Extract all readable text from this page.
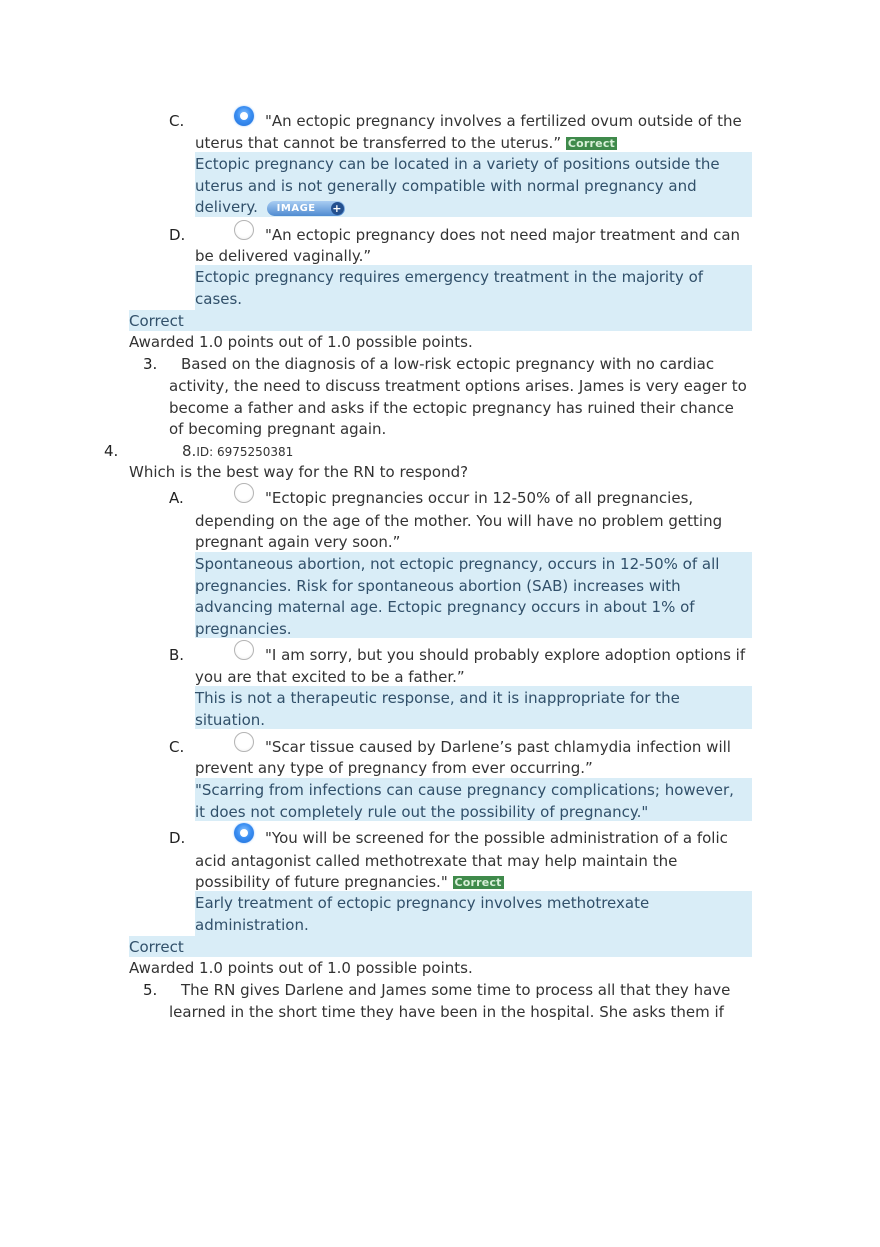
C.	"An ectopic pregnancy involves a fertilized ovum outside of the
uterus that cannot be transferred to the uterus.” Correct
Ectopic pregnancy can be located in a variety of positions outside the
uterus and is not generally compatible with normal pregnancy and
delivery. IMAGE +
D.	"An ectopic pregnancy does not need major treatment and can
be delivered vaginally.”
Ectopic pregnancy requires emergency treatment in the majority of
cases.
Correct
Awarded 1.0 points out of 1.0 possible points.
3. Based on the diagnosis of a low-risk ectopic pregnancy with no cardiac
activity, the need to discuss treatment options arises. James is very eager to
become a father and asks if the ectopic pregnancy has ruined their chance
of becoming pregnant again.
4.	8.ID: 6975250381
Which is the best way for the RN to respond?
A.	"Ectopic pregnancies occur in 12-50% of all pregnancies,
depending on the age of the mother. You will have no problem getting
pregnant again very soon.”
Spontaneous abortion, not ectopic pregnancy, occurs in 12-50% of all
pregnancies. Risk for spontaneous abortion (SAB) increases with
advancing maternal age. Ectopic pregnancy occurs in about 1% of
pregnancies.
B.	"I am sorry, but you should probably explore adoption options if
you are that excited to be a father.”
This is not a therapeutic response, and it is inappropriate for the
situation.
C.	"Scar tissue caused by Darlene’s past chlamydia infection will
prevent any type of pregnancy from ever occurring.”
"Scarring from infections can cause pregnancy complications; however,
it does not completely rule out the possibility of pregnancy."
D.	"You will be screened for the possible administration of a folic
acid antagonist called methotrexate that may help maintain the
possibility of future pregnancies." Correct
Early treatment of ectopic pregnancy involves methotrexate
administration.
Correct
Awarded 1.0 points out of 1.0 possible points.
5. The RN gives Darlene and James some time to process all that they have
learned in the short time they have been in the hospital. She asks them if
